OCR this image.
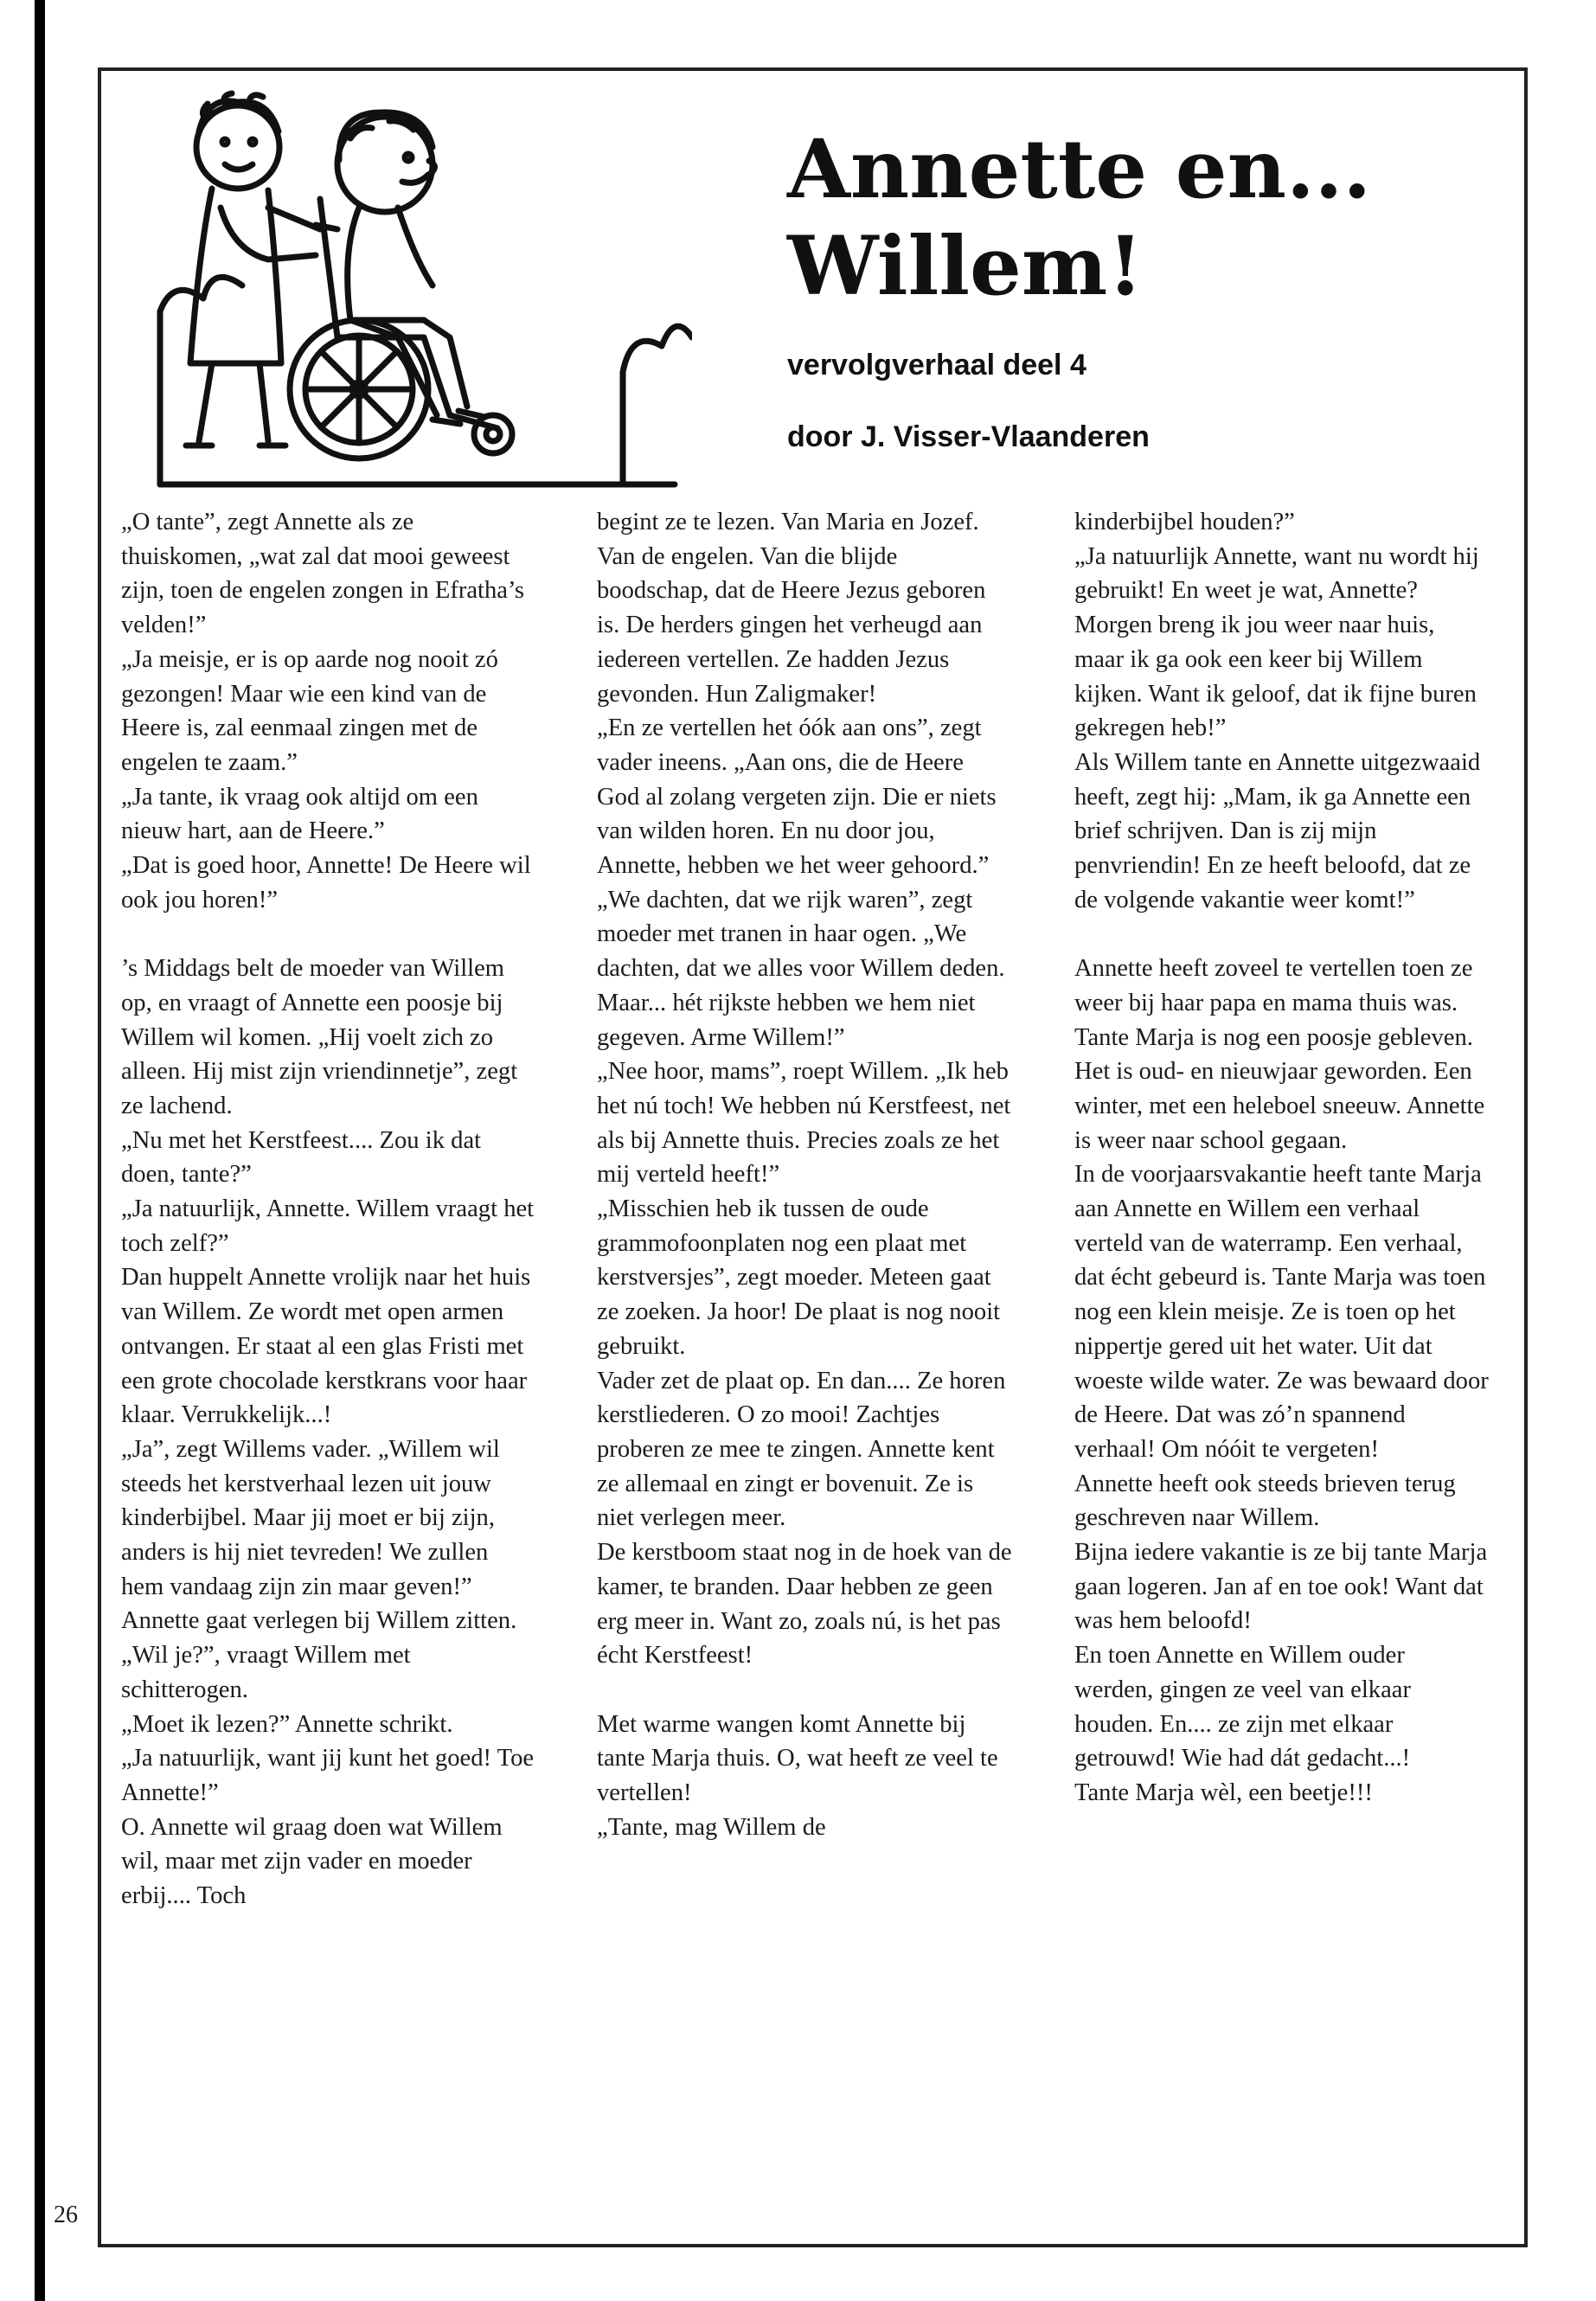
Annette en...
Willem!

vervolgverhaal deel 4

door J. Visser-Vlaanderen

„O tante”, zegt Annette als ze thuiskomen, „wat zal dat mooi geweest zijn, toen de engelen zongen in Efratha’s velden!”

„Ja meisje, er is op aarde nog nooit zó gezongen! Maar wie een kind van de Heere is, zal eenmaal zingen met de engelen te zaam.”

„Ja tante, ik vraag ook altijd om een nieuw hart, aan de Heere.”

„Dat is goed hoor, Annette! De Heere wil ook jou horen!”

’s Middags belt de moeder van Willem op, en vraagt of Annette een poosje bij Willem wil komen. „Hij voelt zich zo alleen. Hij mist zijn vriendinnetje”, zegt ze lachend.

„Nu met het Kerstfeest.... Zou ik dat doen, tante?”

„Ja natuurlijk, Annette. Willem vraagt het toch zelf?”

Dan huppelt Annette vrolijk naar het huis van Willem. Ze wordt met open armen ontvangen. Er staat al een glas Fristi met een grote chocolade kerstkrans voor haar klaar. Verrukkelijk...!

„Ja”, zegt Willems vader. „Willem wil steeds het kerstverhaal lezen uit jouw kinderbijbel. Maar jij moet er bij zijn, anders is hij niet tevreden! We zullen hem vandaag zijn zin maar geven!”

Annette gaat verlegen bij Willem zitten.

„Wil je?”, vraagt Willem met schitterogen.

„Moet ik lezen?” Annette schrikt.

„Ja natuurlijk, want jij kunt het goed! Toe Annette!”

O. Annette wil graag doen wat Willem wil, maar met zijn vader en moeder erbij.... Toch

begint ze te lezen. Van Maria en Jozef. Van de engelen. Van die blijde boodschap, dat de Heere Jezus geboren is. De herders gingen het verheugd aan iedereen vertellen. Ze hadden Jezus gevonden. Hun Zaligmaker!

„En ze vertellen het óók aan ons”, zegt vader ineens. „Aan ons, die de Heere God al zolang vergeten zijn. Die er niets van wilden horen. En nu door jou, Annette, hebben we het weer gehoord.”

„We dachten, dat we rijk waren”, zegt moeder met tranen in haar ogen. „We dachten, dat we alles voor Willem deden. Maar... hét rijkste hebben we hem niet gegeven. Arme Willem!”

„Nee hoor, mams”, roept Willem. „Ik heb het nú toch! We hebben nú Kerstfeest, net als bij Annette thuis. Precies zoals ze het mij verteld heeft!”

„Misschien heb ik tussen de oude grammofoonplaten nog een plaat met kerstversjes”, zegt moeder. Meteen gaat ze zoeken. Ja hoor! De plaat is nog nooit gebruikt.

Vader zet de plaat op. En dan.... Ze horen kerstliederen. O zo mooi! Zachtjes proberen ze mee te zingen. Annette kent ze allemaal en zingt er bovenuit. Ze is niet verlegen meer.

De kerstboom staat nog in de hoek van de kamer, te branden. Daar hebben ze geen erg meer in. Want zo, zoals nú, is het pas écht Kerstfeest!

Met warme wangen komt Annette bij tante Marja thuis. O, wat heeft ze veel te vertellen!

„Tante, mag Willem de

kinderbijbel houden?”

„Ja natuurlijk Annette, want nu wordt hij gebruikt! En weet je wat, Annette? Morgen breng ik jou weer naar huis, maar ik ga ook een keer bij Willem kijken. Want ik geloof, dat ik fijne buren gekregen heb!”

Als Willem tante en Annette uitgezwaaid heeft, zegt hij: „Mam, ik ga Annette een brief schrijven. Dan is zij mijn penvriendin! En ze heeft beloofd, dat ze de volgende vakantie weer komt!”

Annette heeft zoveel te vertellen toen ze weer bij haar papa en mama thuis was. Tante Marja is nog een poosje gebleven. Het is oud- en nieuwjaar geworden. Een winter, met een heleboel sneeuw. Annette is weer naar school gegaan.

In de voorjaarsvakantie heeft tante Marja aan Annette en Willem een verhaal verteld van de waterramp. Een verhaal, dat écht gebeurd is. Tante Marja was toen nog een klein meisje. Ze is toen op het nippertje gered uit het water. Uit dat woeste wilde water. Ze was bewaard door de Heere. Dat was zó’n spannend verhaal! Om nóóit te vergeten!

Annette heeft ook steeds brieven terug geschreven naar Willem.

Bijna iedere vakantie is ze bij tante Marja gaan logeren. Jan af en toe ook! Want dat was hem beloofd!

En toen Annette en Willem ouder werden, gingen ze veel van elkaar houden. En.... ze zijn met elkaar getrouwd! Wie had dát gedacht...!

Tante Marja wèl, een beetje!!!

26
